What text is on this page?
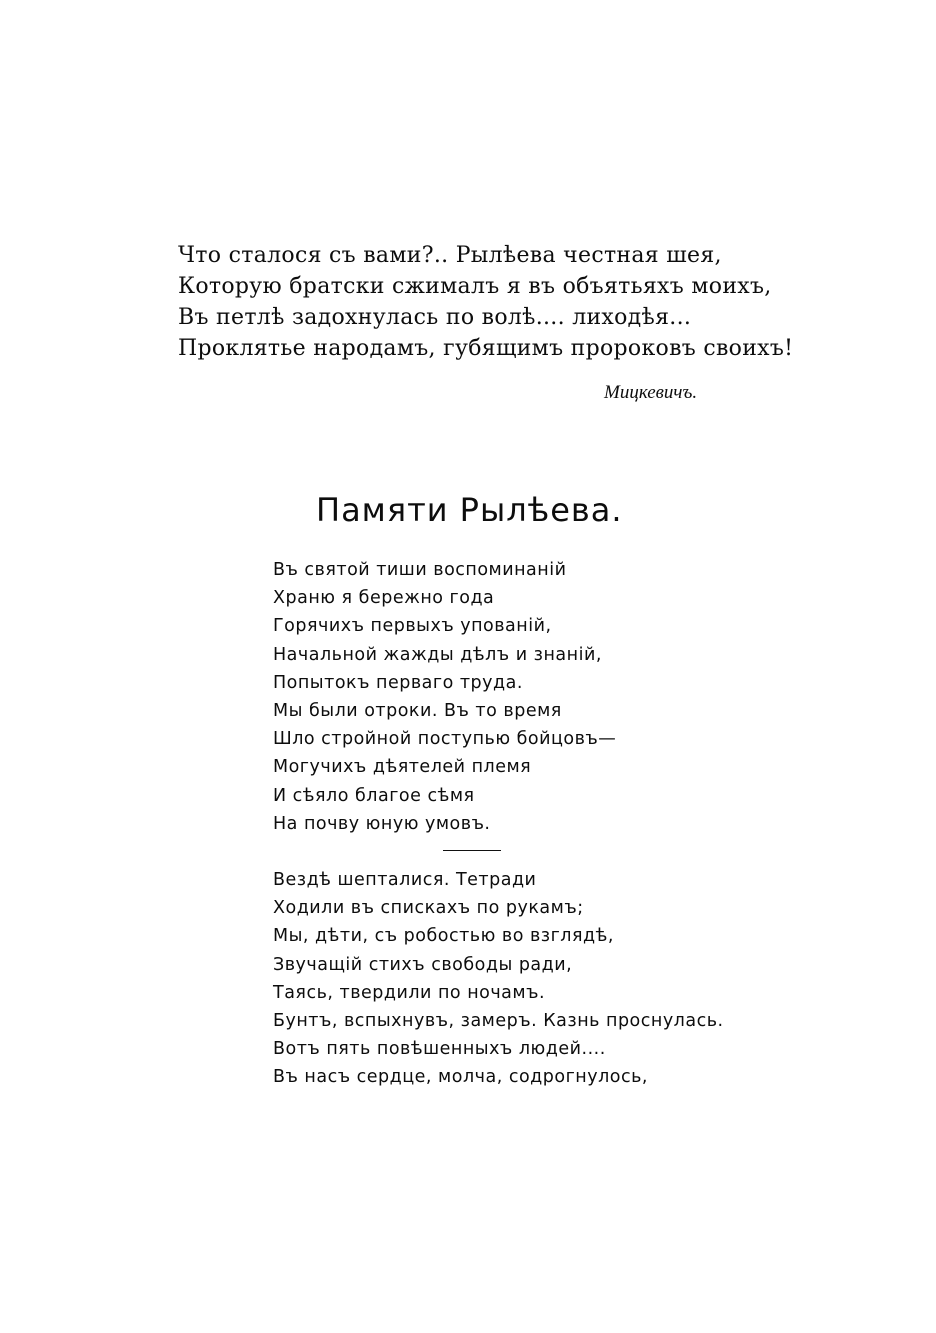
Что сталося съ вами?.. Рылѣева честная шея,
Которую братски сжималъ я въ объятьяхъ моихъ,
Въ петлѣ задохнулась по волѣ.... лиходѣя...
Проклятье народамъ, губящимъ пророковъ своихъ!
Мицкевичъ.
Памяти Рылѣева.
Въ святой тиши воспоминаній
Храню я бережно года
Горячихъ первыхъ упованій,
Начальной жажды дѣлъ и знаній,
Попытокъ перваго труда.
Мы были отроки. Въ то время
Шло стройной поступью бойцовъ—
Могучихъ дѣятелей племя
И сѣяло благое сѣмя
На почву юную умовъ.
Вездѣ шепталися. Тетради
Ходили въ спискахъ по рукамъ;
Мы, дѣти, съ робостью во взглядѣ,
Звучащій стихъ свободы ради,
Таясь, твердили по ночамъ.
Бунтъ, вспыхнувъ, замеръ. Казнь проснулась.
Вотъ пять повѣшенныхъ людей....
Въ насъ сердце, молча, содрогнулось,
